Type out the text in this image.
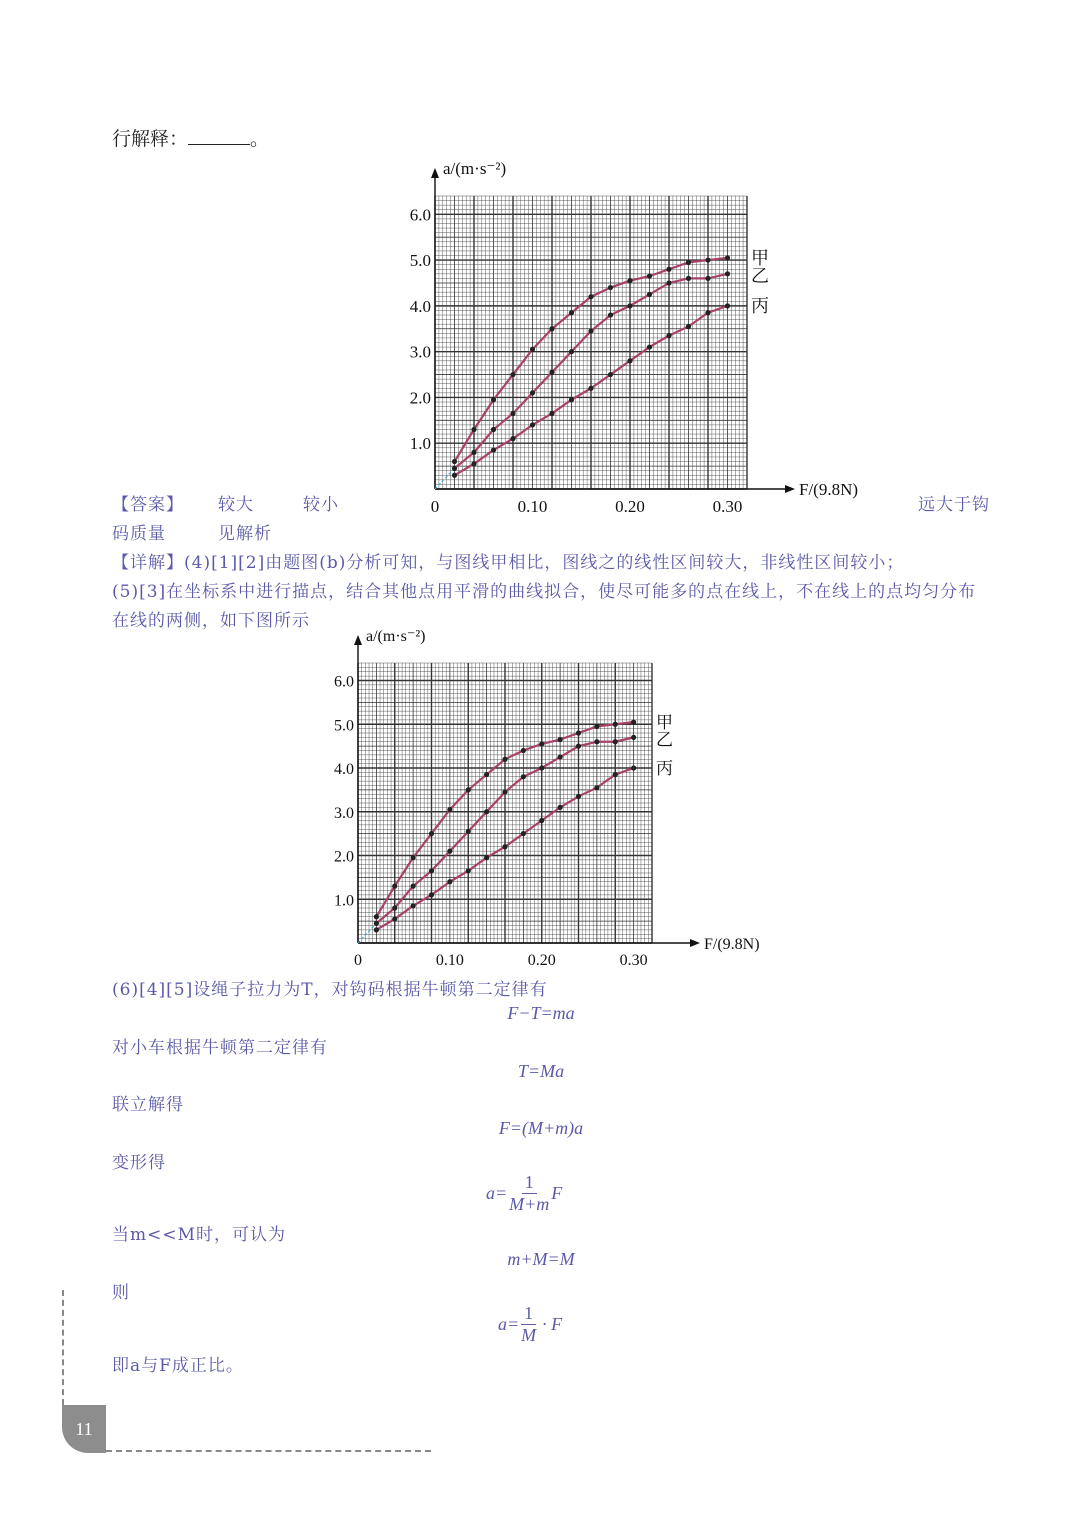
行解释：	。
1.0
2.0
3.0
4.0
5.0
6.0
0	0.10	0.20	0.30
a/(m·s⁻²)
F/(9.8N)
甲
乙
丙
【答案】 较大	较小	远大于钩
码质量	见解析
【详解】(4)[1][2]由题图(b)分析可知，与图线甲相比，图线之的线性区间较大，非线性区间较小；
(5)[3]在坐标系中进行描点，结合其他点用平滑的曲线拟合，使尽可能多的点在线上，不在线上的点均匀分布
在线的两侧，如下图所示
1.0
2.0
3.0
4.0
5.0
6.0
0	0.10	0.20	0.30
a/(m·s⁻²)
F/(9.8N)
甲
乙
丙
(6)[4][5]设绳子拉力为T，对钩码根据牛顿第二定律有
F−T=ma
对小车根据牛顿第二定律有
T=Ma
联立解得
F=(M+m)a
变形得
$a= \frac{1}{M+m}$ F
当m<<M时，可认为
m+M=M
则
$a= \frac{1}{M} \cdot F$
即a与F成正比。
11
